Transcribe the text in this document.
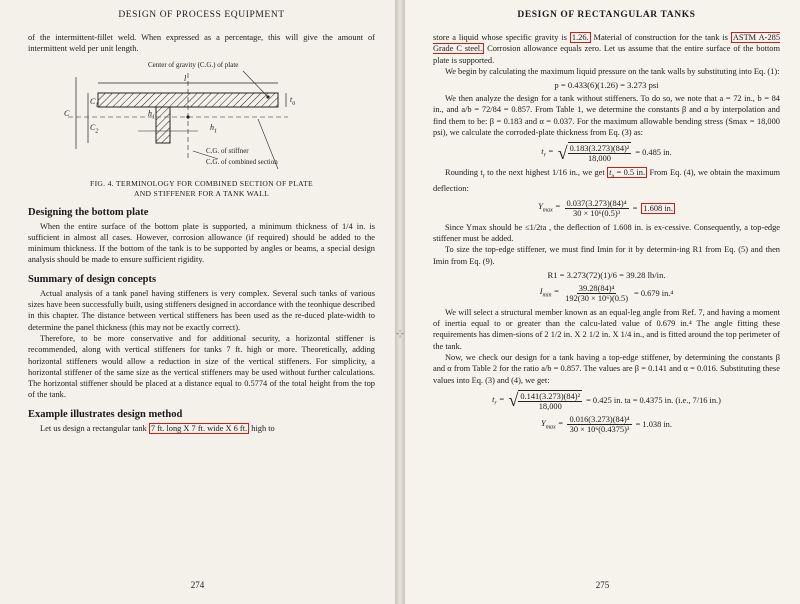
DESIGN OF PROCESS EQUIPMENT

of the intermittent-fillet weld. When expressed as a percentage, this will give the amount of intermittent weld per unit length.

Center of gravity (C.G.) of plate
l
$t_a$
$C_1$
C
$C_2$
$h_1$
$h_1$
C.G. of stiffner
C.G. of combined section
FIG. 4. TERMINOLOGY FOR COMBINED SECTION OF PLATE
AND STIFFENER FOR A TANK WALL
Designing the bottom plate

When the entire surface of the bottom plate is supported, a minimum thickness of 1/4 in. is sufficient in almost all cases. However, corrosion allowance (if required) should be added to the minimum thickness. If the bottom of the tank is to be supported by angles or beams, a special design analysis should be made to ensure sufficient rigidity.

Summary of design concepts

Actual analysis of a tank panel having stiffeners is very complex. Several such tanks of various sizes have been successfully built, using stiffeners designed in accordance with the teonhique described in this chapter. The distance between vertical stiffeners has been used as the re-duced plate-width to determine the panel thickness (this may not be exactly correct).

Therefore, to be more conservative and for additional security, a horizontal stiffener is recommended, along with vertical stiffeners for tanks 7 ft. high or more. Theoretically, adding horizontal stiffeners would allow a reduction in size of the vertical stiffeners. For simplicity, a horizontal stiffener of the same size as the vertical stiffeners may be used without further calculations. The horizontal stiffener should be placed at a distance equal to 0.5774 of the total height from the top of the tank.

Example illustrates design method

Let us design a rectangular tank 7 ft. long X 7 ft. wide X 6 ft. high to

274
-¦-
DESIGN OF RECTANGULAR TANKS

store a liquid whose specific gravity is 1.26. Material of construction for the tank is ASTM A-285 Grade C steel. Corrosion allowance equals zero. Let us assume that the entire surface of the bottom plate is supported.

We begin by calculating the maximum liquid pressure on the tank walls by substituting into Eq. (1):

p = 0.433(6)(1.26) = 3.273 psi

We then analyze the design for a tank without stiffeners. To do so, we note that a = 72 in., b = 84 in., and a/b = 72/84 = 0.857. From Table 1, we determine the constants β and α by interpolation and find them to be: β = 0.183 and α = 0.037. For the maximum allowable bending stress (Smax = 18,000 psi), we calculate the corroded-plate thickness from Eq. (3) as:

$t_r$ = √ $\frac{\text{0.183(3.273)(84)²}}{18,000} = 0.485$ in.

Rounding $t_r$ to the next highest 1/16 in., we get $t_a = 0.5$ in. From Eq. (4), we obtain the maximum deflection:

$Y_{max} = \frac{\text{0.037(3.273)(84)⁴}}{\text{30 × 10⁶(0.5)³}} = 1.608$ in.

Since Ymax should be ≤1/2ta , the deflection of 1.608 in. is ex-cessive. Consequently, a top-edge stiffener must be added.

To size the top-edge stiffener, we must find Imin for it by determin-ing R1 from Eq. (5) and then Imin from Eq. (9).

R1 = 3.273(72)(1)/6 = 39.28 lb/in.
$I_{min} = \frac{\text{39.28(84)⁴}}{\text{192(30 × 10⁶)(0.5)}} = 0.679$ in.⁴

We will select a structural member known as an equal-leg angle from Ref. 7, and having a moment of inertia equal to or greater than the calcu-lated value of 0.679 in.⁴ The angle fitting these requirements has dimen-sions of 2 1/2 in. X 2 1/2 in. X 1/4 in., and is fitted around the top perimeter of the tank.

Now, we check our design for a tank having a top-edge stiffener, by determining the constants β and α from Table 2 for the ratio a/b = 0.857. The values are β = 0.141 and α = 0.016. Substituting these values into Eq. (3) and (4), we get:

$t_r$ = √ $\frac{\text{0.141(3.273)(84)²}}{18,000} = 0.425$ in. ta = 0.4375 in. (i.e., 7/16 in.)
$Y_{max} = \frac{\text{0.016(3.273)(84)⁴}}{\text{30 × 10⁶(0.4375)³}} = 1.038$ in.
275
